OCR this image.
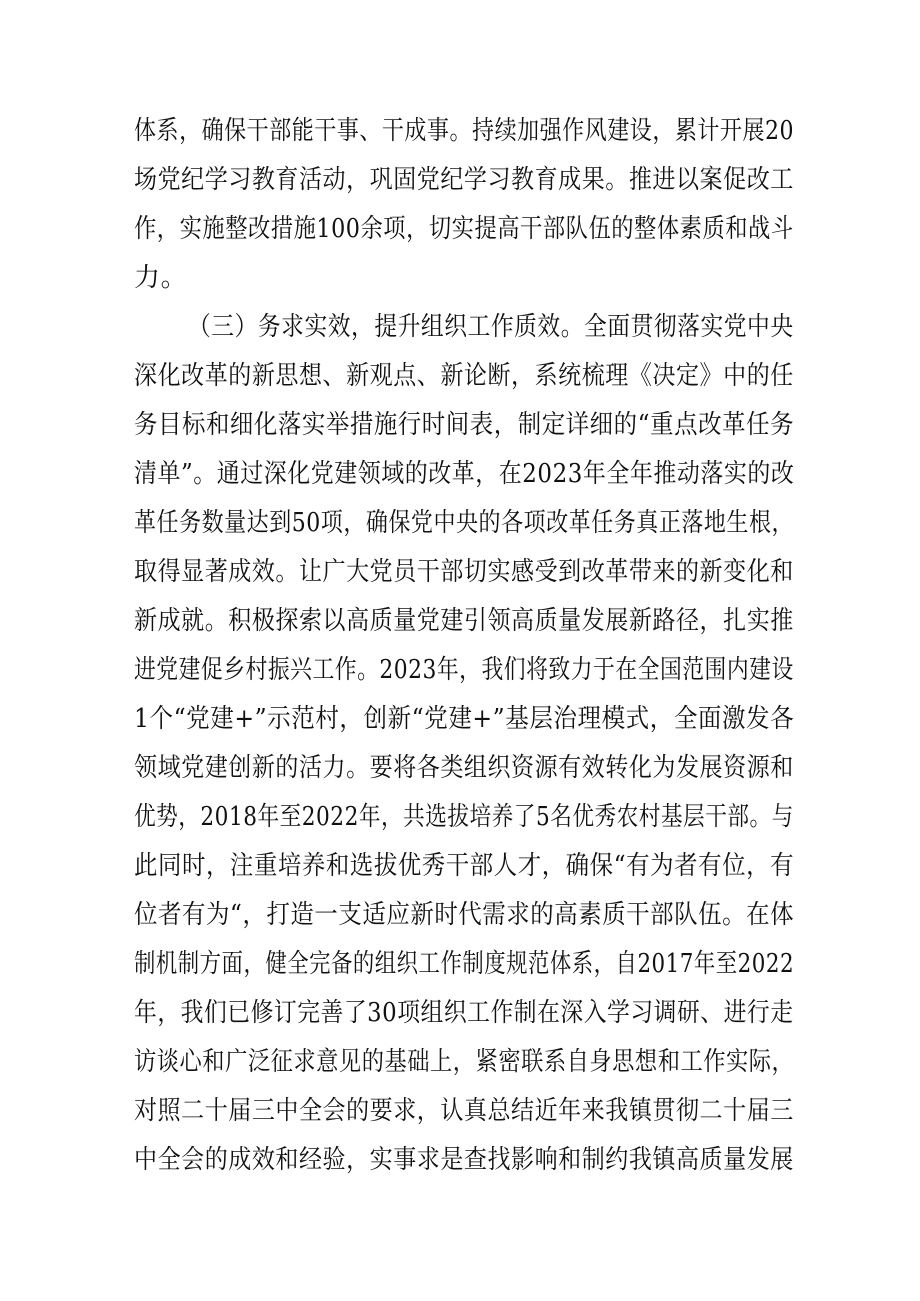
体系，确保干部能干事、干成事。持续加强作风建设，累计开展20
场党纪学习教育活动，巩固党纪学习教育成果。推进以案促改工
作，实施整改措施100余项，切实提高干部队伍的整体素质和战斗
力。
（三）务求实效，提升组织工作质效。全面贯彻落实党中央
深化改革的新思想、新观点、新论断，系统梳理《决定》中的任
务目标和细化落实举措施行时间表，制定详细的“重点改革任务
清单”。通过深化党建领域的改革，在2023年全年推动落实的改
革任务数量达到50项，确保党中央的各项改革任务真正落地生根，
取得显著成效。让广大党员干部切实感受到改革带来的新变化和
新成就。积极探索以高质量党建引领高质量发展新路径，扎实推
进党建促乡村振兴工作。2023年，我们将致力于在全国范围内建设
1个“党建+”示范村，创新“党建+”基层治理模式，全面激发各
领域党建创新的活力。要将各类组织资源有效转化为发展资源和
优势，2018年至2022年，共选拔培养了5名优秀农村基层干部。与
此同时，注重培养和选拔优秀干部人才，确保“有为者有位，有
位者有为“，打造一支适应新时代需求的高素质干部队伍。在体
制机制方面，健全完备的组织工作制度规范体系，自2017年至2022
年，我们已修订完善了30项组织工作制在深入学习调研、进行走
访谈心和广泛征求意见的基础上，紧密联系自身思想和工作实际，
对照二十届三中全会的要求，认真总结近年来我镇贯彻二十届三
中全会的成效和经验，实事求是查找影响和制约我镇高质量发展
